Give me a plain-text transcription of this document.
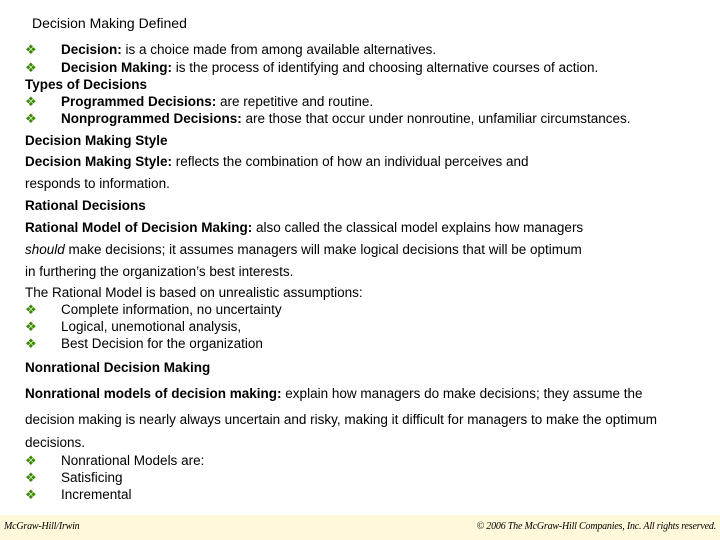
Decision Making Defined
❖ Decision: is a choice made from among available alternatives.
❖ Decision Making: is the process of identifying and choosing alternative courses of action.
Types of Decisions
❖ Programmed Decisions: are repetitive and routine.
❖ Nonprogrammed Decisions: are those that occur under nonroutine, unfamiliar circumstances.
Decision Making Style
Decision Making Style: reflects the combination of how an individual perceives and
responds to information.
Rational Decisions
Rational Model of Decision Making: also called the classical model explains how managers
should make decisions; it assumes managers will make logical decisions that will be optimum
in furthering the organization’s best interests.
The Rational Model is based on unrealistic assumptions:
❖ Complete information, no uncertainty
❖ Logical, unemotional analysis,
❖ Best Decision for the organization
Nonrational Decision Making
Nonrational models of decision making: explain how managers do make decisions; they assume the
decision making is nearly always uncertain and risky, making it difficult for managers to make the optimum
decisions.
❖ Nonrational Models are:
❖ Satisficing
❖ Incremental
McGraw-Hill/Irwin	© 2006 The McGraw-Hill Companies, Inc. All rights reserved.
